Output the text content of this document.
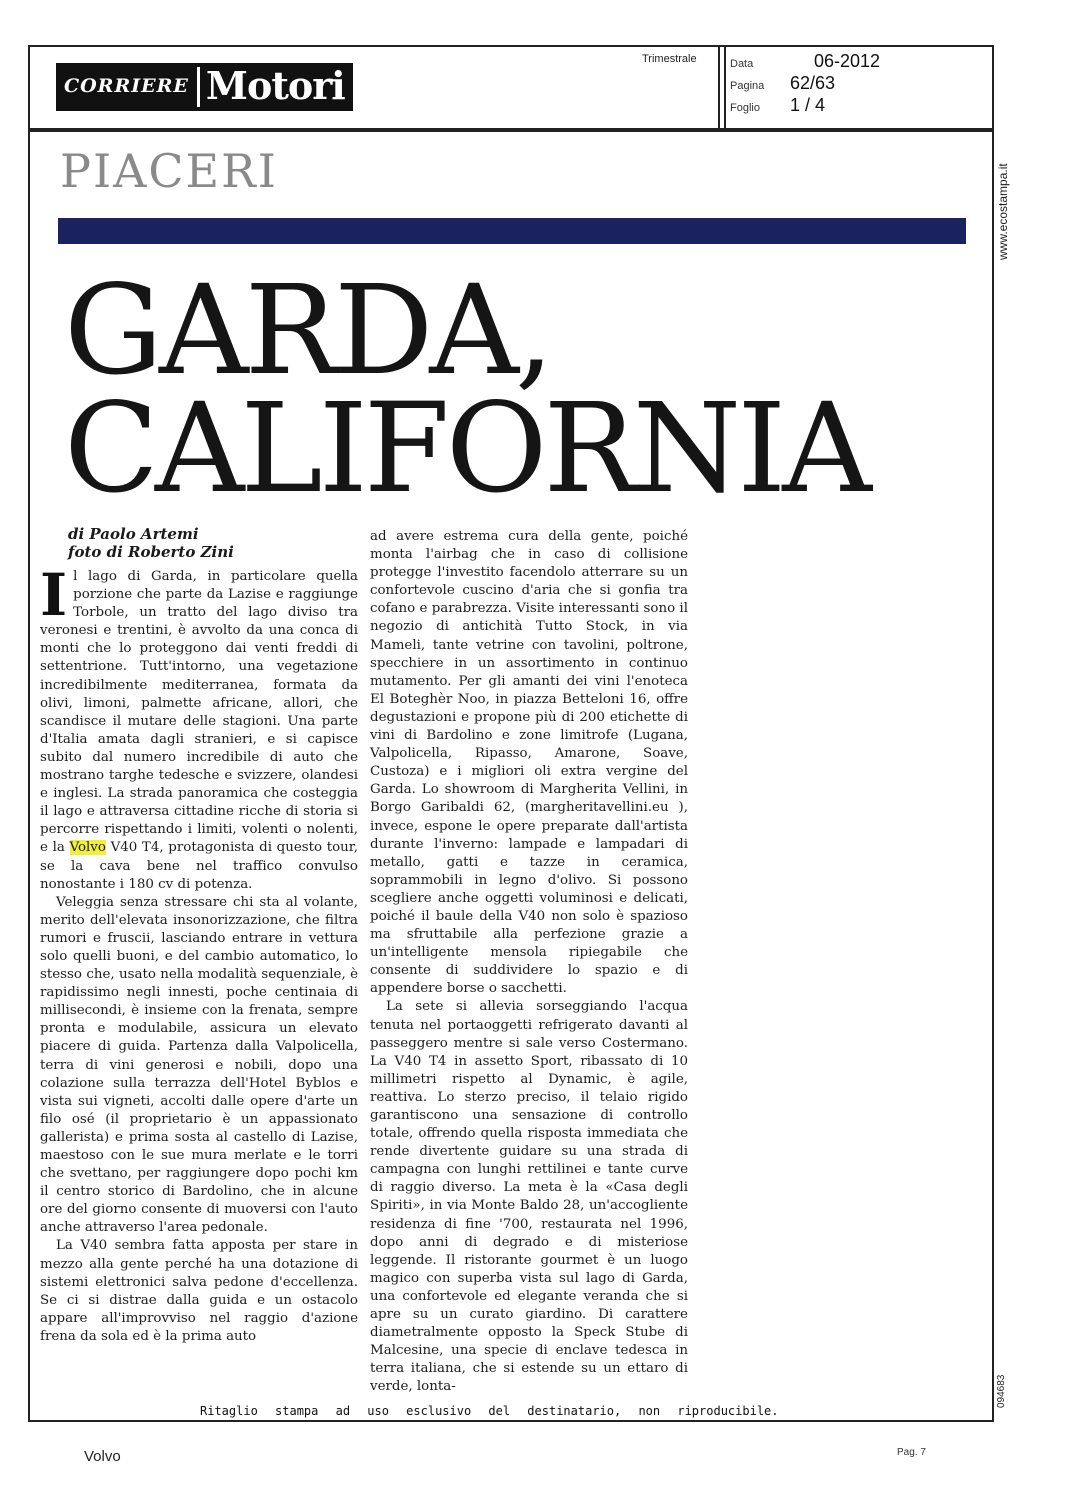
CORRIERE Motori
Trimestrale	Data	06-2012
Pagina	62/63
Foglio	1 / 4
PIACERI
GARDA,
CALIFORNIA
di Paolo Artemi
foto di Roberto Zini

Il lago di Garda, in particolare quella porzione che parte da Lazise e raggiunge Torbole, un tratto del lago diviso tra veronesi e trentini, è avvolto da una conca di monti che lo proteggono dai venti freddi di settentrione. Tutt'intorno, una vegetazione incredibilmente mediterranea, formata da olivi, limoni, palmette africane, allori, che scandisce il mutare delle stagioni. Una parte d'Italia amata dagli stranieri, e si capisce subito dal numero incredibile di auto che mostrano targhe tedesche e svizzere, olandesi e inglesi. La strada panoramica che costeggia il lago e attraversa cittadine ricche di storia si percorre rispettando i limiti, volenti o nolenti, e la Volvo V40 T4, protagonista di questo tour, se la cava bene nel traffico convulso nonostante i 180 cv di potenza.

Veleggia senza stressare chi sta al volante, merito dell'elevata insonorizzazione, che filtra rumori e fruscii, lasciando entrare in vettura solo quelli buoni, e del cambio automatico, lo stesso che, usato nella modalità sequenziale, è rapidissimo negli innesti, poche centinaia di millisecondi, è insieme con la frenata, sempre pronta e modulabile, assicura un elevato piacere di guida. Partenza dalla Valpolicella, terra di vini generosi e nobili, dopo una colazione sulla terrazza dell'Hotel Byblos e vista sui vigneti, accolti dalle opere d'arte un filo osé (il proprietario è un appassionato gallerista) e prima sosta al castello di Lazise, maestoso con le sue mura merlate e le torri che svettano, per raggiungere dopo pochi km il centro storico di Bardolino, che in alcune ore del giorno consente di muoversi con l'auto anche attraverso l'area pedonale.

La V40 sembra fatta apposta per stare in mezzo alla gente perché ha una dotazione di sistemi elettronici salva pedone d'eccellenza. Se ci si distrae dalla guida e un ostacolo appare all'improvviso nel raggio d'azione frena da sola ed è la prima auto

ad avere estrema cura della gente, poiché monta l'airbag che in caso di collisione protegge l'investito facendolo atterrare su un confortevole cuscino d'aria che si gonfia tra cofano e parabrezza. Visite interessanti sono il negozio di antichità Tutto Stock, in via Mameli, tante vetrine con tavolini, poltrone, specchiere in un assortimento in continuo mutamento. Per gli amanti dei vini l'enoteca El Boteghèr Noo, in piazza Betteloni 16, offre degustazioni e propone più di 200 etichette di vini di Bardolino e zone limitrofe (Lugana, Valpolicella, Ripasso, Amarone, Soave, Custoza) e i migliori oli extra vergine del Garda. Lo showroom di Margherita Vellini, in Borgo Garibaldi 62, (margheritavellini.eu ), invece, espone le opere preparate dall'artista durante l'inverno: lampade e lampadari di metallo, gatti e tazze in ceramica, soprammobili in legno d'olivo. Si possono scegliere anche oggetti voluminosi e delicati, poiché il baule della V40 non solo è spazioso ma sfruttabile alla perfezione grazie a un'intelligente mensola ripiegabile che consente di suddividere lo spazio e di appendere borse o sacchetti.

La sete si allevia sorseggiando l'acqua tenuta nel portaoggetti refrigerato davanti al passeggero mentre si sale verso Costermano. La V40 T4 in assetto Sport, ribassato di 10 millimetri rispetto al Dynamic, è agile, reattiva. Lo sterzo preciso, il telaio rigido garantiscono una sensazione di controllo totale, offrendo quella risposta immediata che rende divertente guidare su una strada di campagna con lunghi rettilinei e tante curve di raggio diverso. La meta è la «Casa degli Spiriti», in via Monte Baldo 28, un'accogliente residenza di fine '700, restaurata nel 1996, dopo anni di degrado e di misteriose leggende. Il ristorante gourmet è un luogo magico con superba vista sul lago di Garda, una confortevole ed elegante veranda che si apre su un curato giardino. Di carattere diametralmente opposto la Speck Stube di Malcesine, una specie di enclave tedesca in terra italiana, che si estende su un ettaro di verde, lonta-

www.ecostampa.it
094683
Ritaglio stampa ad uso esclusivo del destinatario, non riproducibile.
Volvo	Pag. 7
